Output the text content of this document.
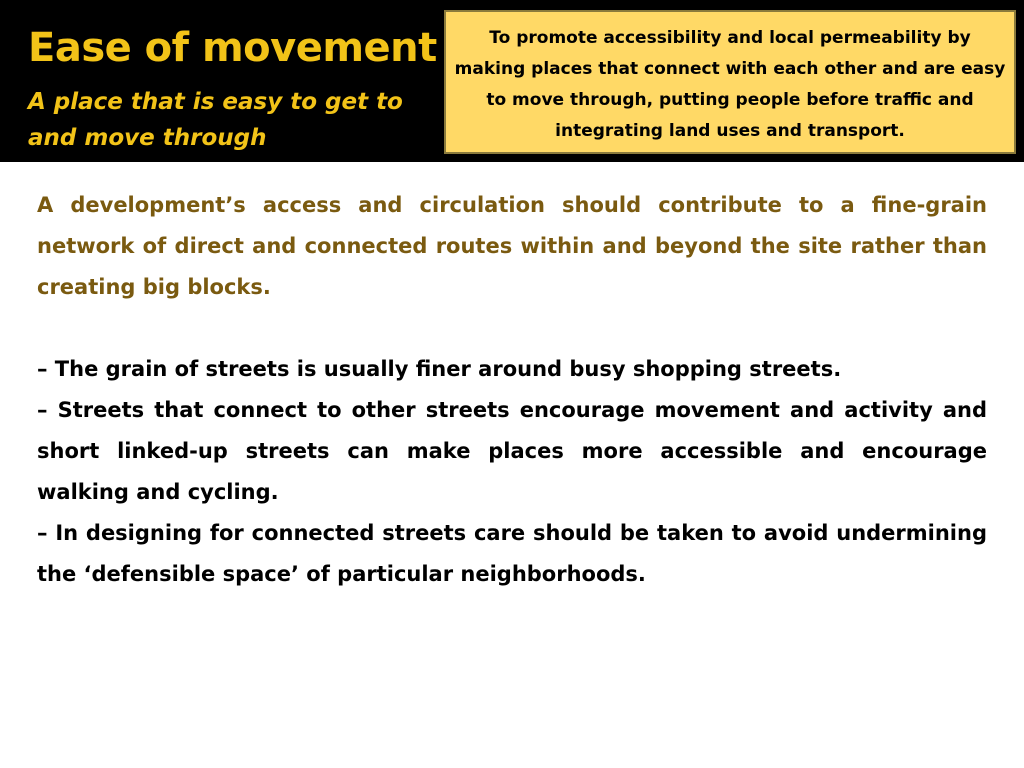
Ease of movement
A place that is easy to get to and move through
To promote accessibility and local permeability by making places that connect with each other and are easy to move through, putting people before traffic and integrating land uses and transport.

A development’s access and circulation should contribute to a fine-grain network of direct and connected routes within and beyond the site rather than creating big blocks.

– The grain of streets is usually finer around busy shopping streets.

– Streets that connect to other streets encourage movement and activity and short linked-up streets can make places more accessible and encourage walking and cycling.

– In designing for connected streets care should be taken to avoid undermining the ‘defensible space’ of particular neighborhoods.
